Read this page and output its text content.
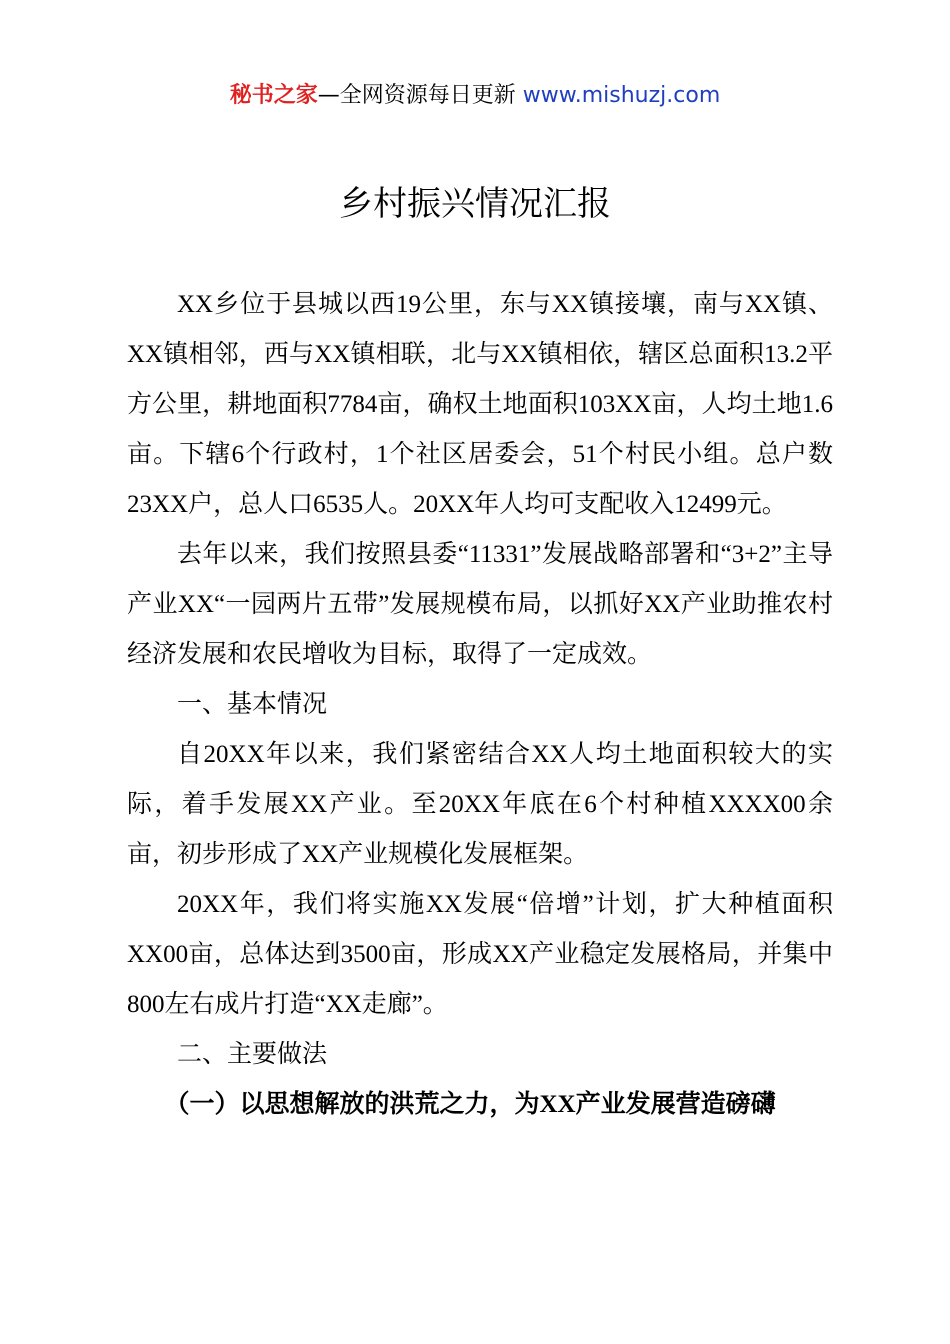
秘书之家—全网资源每日更新 www.mishuzj.com
乡村振兴情况汇报

XX乡位于县城以西19公里，东与XX镇接壤，南与XX镇、XX镇相邻，西与XX镇相联，北与XX镇相依，辖区总面积13.2平方公里，耕地面积7784亩，确权土地面积103XX亩，人均土地1.6亩。下辖6个行政村，1个社区居委会，51个村民小组。总户数23XX户，总人口6535人。20XX年人均可支配收入12499元。

去年以来，我们按照县委“11331”发展战略部署和“3+2”主导产业XX“一园两片五带”发展规模布局，以抓好XX产业助推农村经济发展和农民增收为目标，取得了一定成效。

一、基本情况

自20XX年以来，我们紧密结合XX人均土地面积较大的实际，着手发展XX产业。至20XX年底在6个村种植XXXX00余亩，初步形成了XX产业规模化发展框架。

20XX年，我们将实施XX发展“倍增”计划，扩大种植面积XX00亩，总体达到3500亩，形成XX产业稳定发展格局，并集中800左右成片打造“XX走廊”。

二、主要做法

（一）以思想解放的洪荒之力，为XX产业发展营造磅礴
